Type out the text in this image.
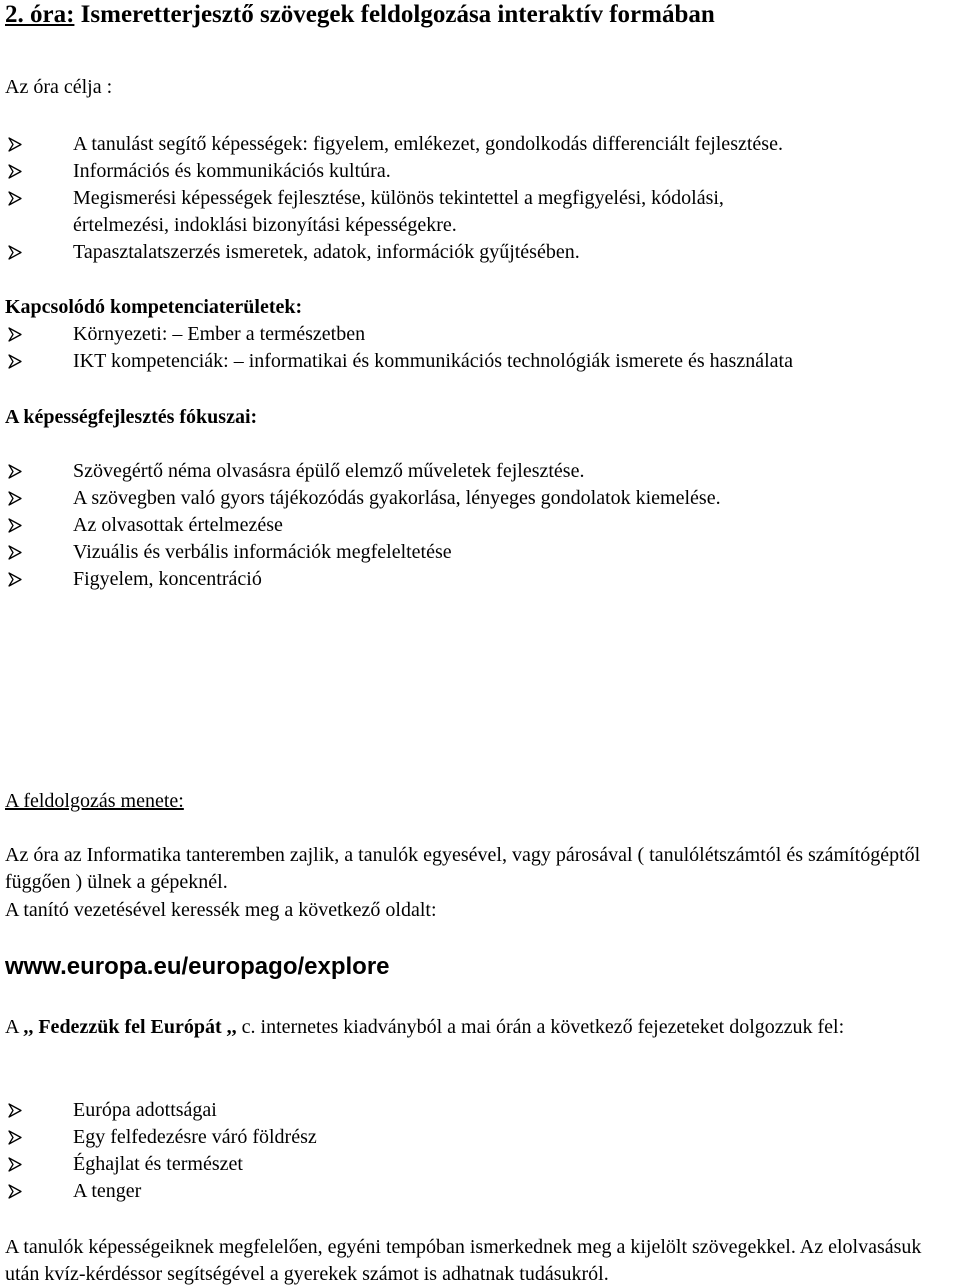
2. óra: Ismeretterjesztő szövegek feldolgozása interaktív formában
Az óra célja :
A tanulást segítő képességek: figyelem, emlékezet, gondolkodás differenciált fejlesztése.
Információs és kommunikációs kultúra.
Megismerési képességek fejlesztése, különös tekintettel a megfigyelési, kódolási,
értelmezési, indoklási bizonyítási képességekre.
Tapasztalatszerzés ismeretek, adatok, információk gyűjtésében.
Kapcsolódó kompetenciaterületek:
Környezeti: – Ember a természetben
IKT kompetenciák: – informatikai és kommunikációs technológiák ismerete és használata
A képességfejlesztés fókuszai:
Szövegértő néma olvasásra épülő elemző műveletek fejlesztése.
A szövegben való gyors tájékozódás gyakorlása, lényeges gondolatok kiemelése.
Az olvasottak értelmezése
Vizuális és verbális információk megfeleltetése
Figyelem, koncentráció
A feldolgozás menete:
Az óra az Informatika tanteremben zajlik, a tanulók egyesével, vagy párosával ( tanulólétszámtól és számítógéptől függően ) ülnek a gépeknél.
A tanító vezetésével keressék meg a következő oldalt:
www.europa.eu/europago/explore
A ,, Fedezzük fel Európát ,, c. internetes kiadványból a mai órán a következő fejezeteket dolgozzuk fel:
Európa adottságai
Egy felfedezésre váró földrész
Éghajlat és természet
A tenger
A tanulók képességeiknek megfelelően, egyéni tempóban ismerkednek meg a kijelölt szövegekkel. Az elolvasásuk után kvíz-kérdéssor segítségével a gyerekek számot is adhatnak tudásukról.
